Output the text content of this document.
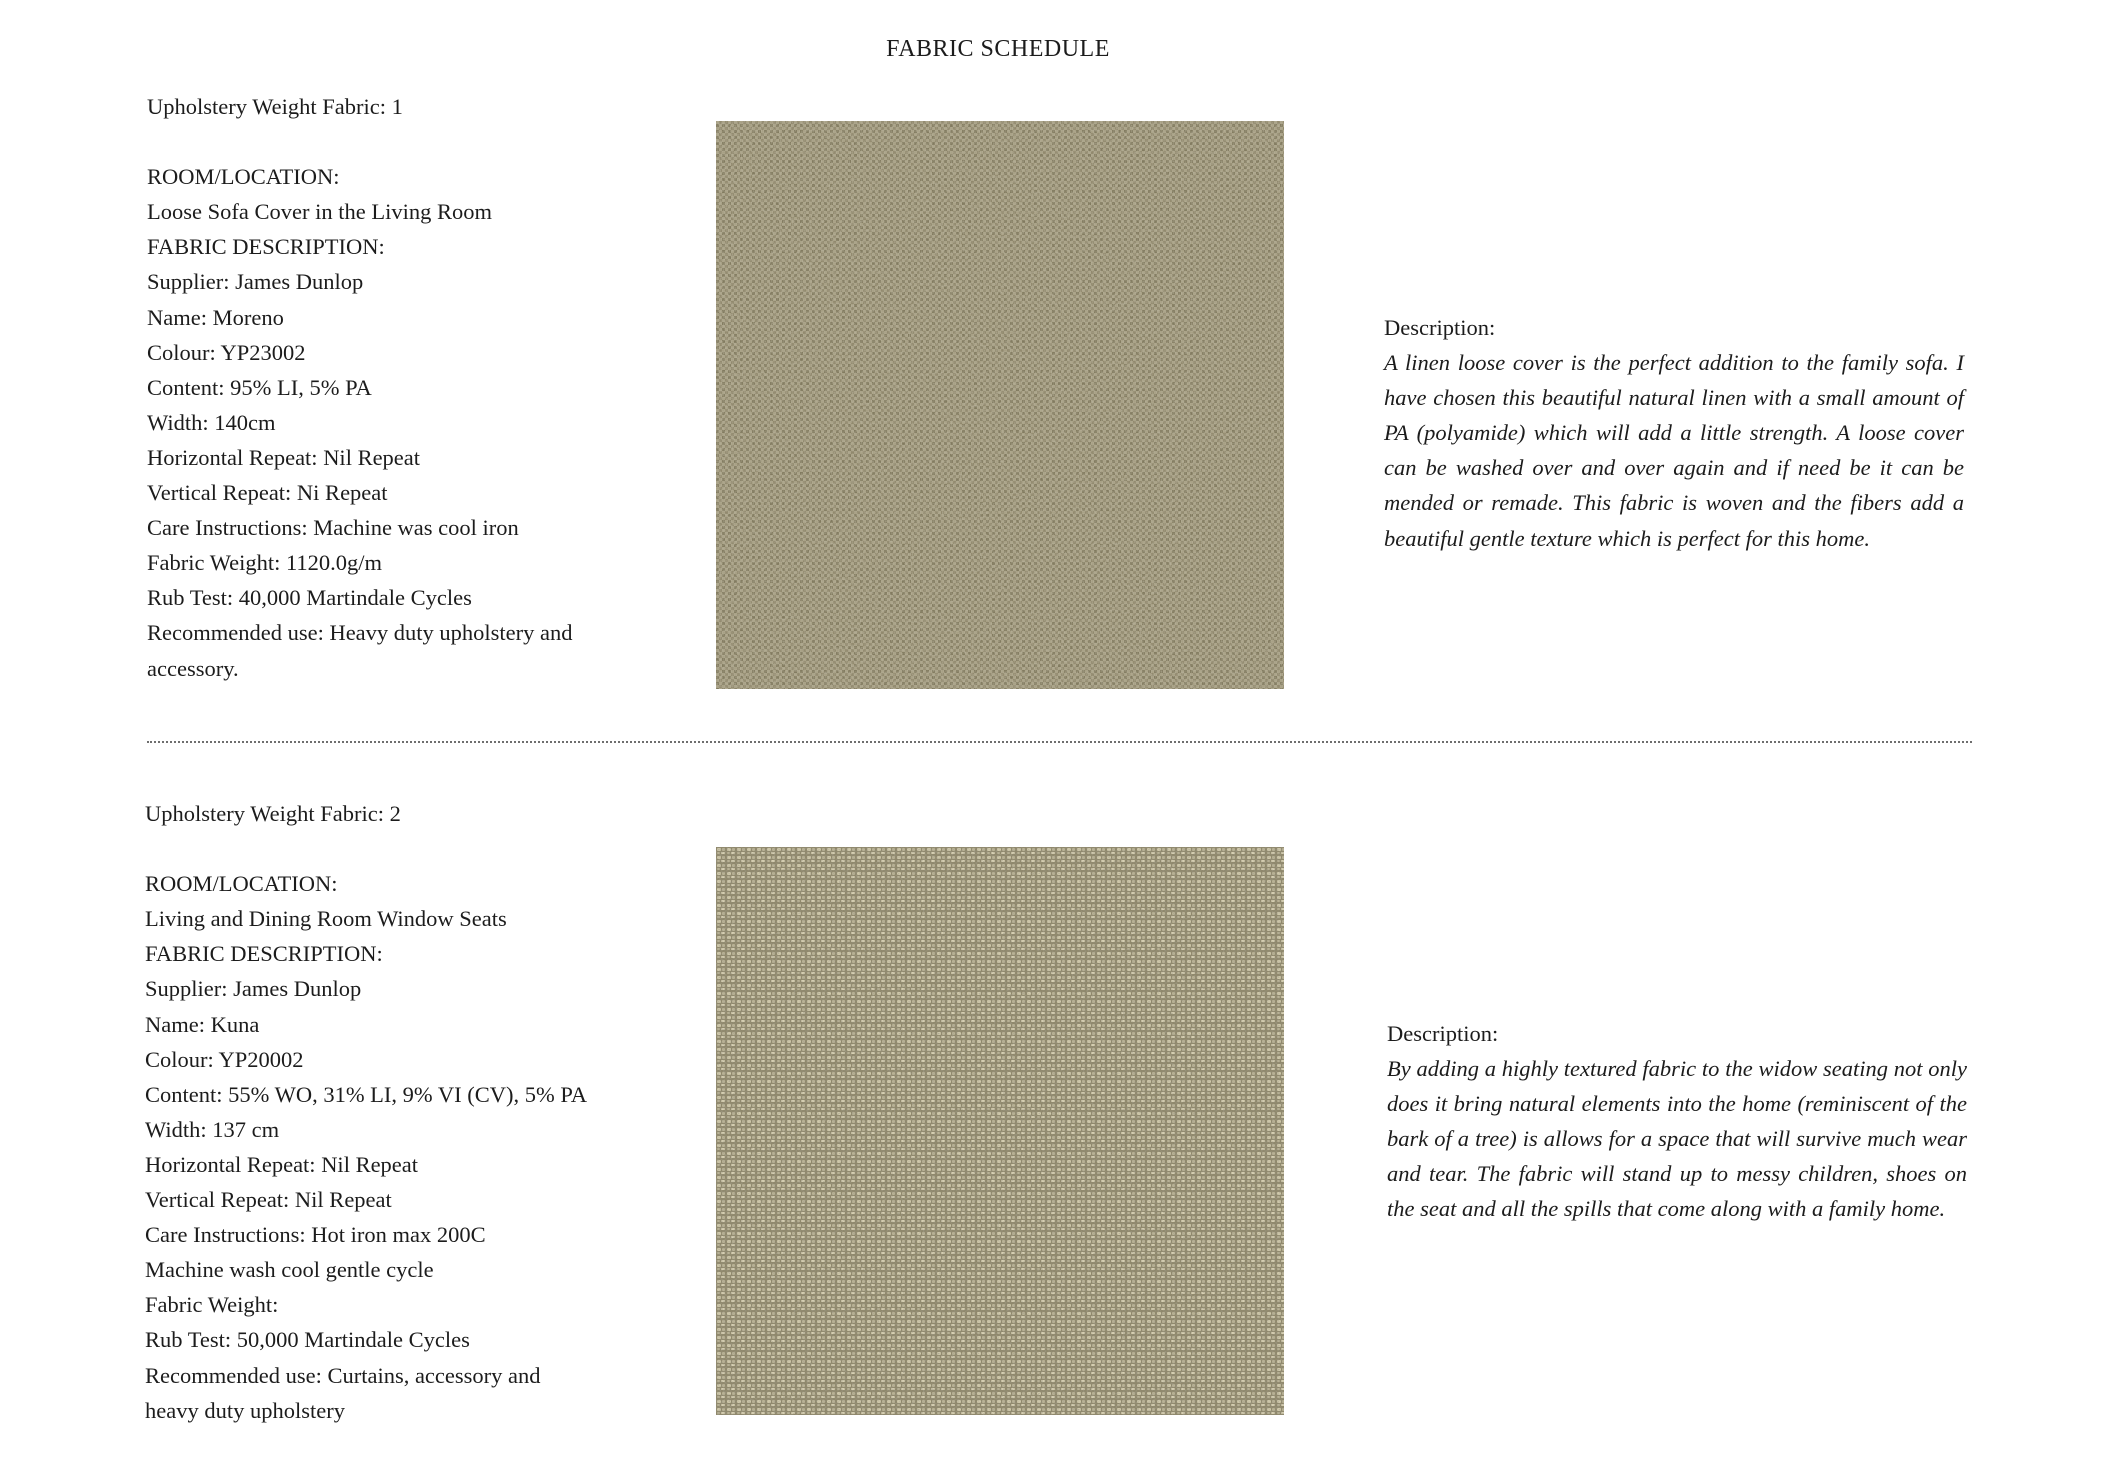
FABRIC SCHEDULE
Upholstery Weight Fabric: 1
ROOM/LOCATION:
Loose Sofa Cover in the Living Room
FABRIC DESCRIPTION:
Supplier: James Dunlop
Name: Moreno
Colour: YP23002
Content: 95% LI, 5% PA
Width: 140cm
Horizontal Repeat: Nil Repeat
Vertical Repeat: Ni Repeat
Care Instructions: Machine was cool iron
Fabric Weight: 1120.0g/m
Rub Test: 40,000 Martindale Cycles
Recommended use: Heavy duty upholstery and accessory.
Description:
A linen loose cover is the perfect addition to the family sofa. I have chosen this beautiful natural linen with a small amount of PA (polyamide) which will add a little strength. A loose cover can be washed over and over again and if need be it can be mended or remade. This fabric is woven and the fibers add a beautiful gentle texture which is perfect for this home.
Upholstery Weight Fabric: 2
ROOM/LOCATION:
Living and Dining Room Window Seats
FABRIC DESCRIPTION:
Supplier: James Dunlop
Name: Kuna
Colour: YP20002
Content: 55% WO, 31% LI, 9% VI (CV), 5% PA
Width: 137 cm
Horizontal Repeat: Nil Repeat
Vertical Repeat: Nil Repeat
Care Instructions: Hot iron max 200C
Machine wash cool gentle cycle
Fabric Weight:
Rub Test: 50,000 Martindale Cycles
Recommended use: Curtains, accessory and heavy duty upholstery
Description:
By adding a highly textured fabric to the widow seating not only does it bring natural elements into the home (reminiscent of the bark of a tree) is allows for a space that will survive much wear and tear. The fabric will stand up to messy children, shoes on the seat and all the spills that come along with a family home.
